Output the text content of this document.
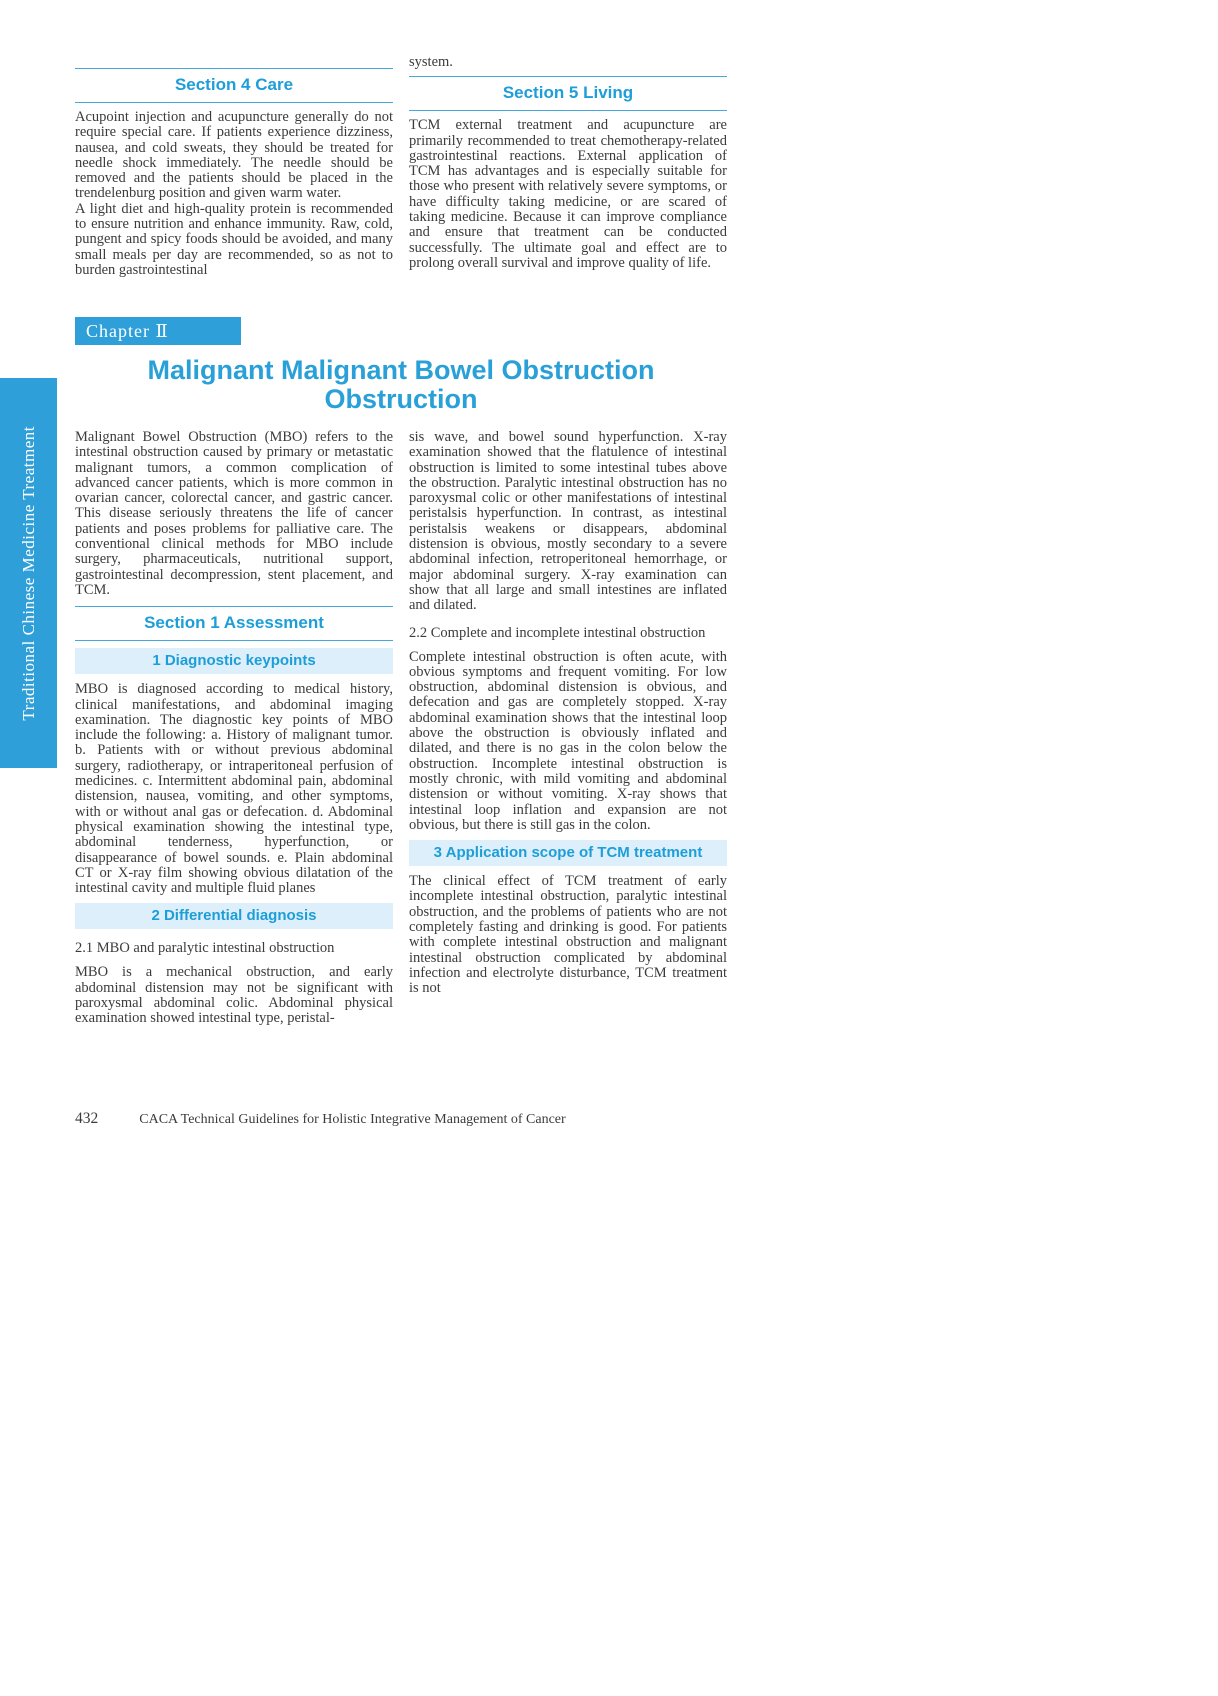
Traditional Chinese Medicine Treatment
Section 4 Care

Acupoint injection and acupuncture generally do not require special care. If patients experience dizziness, nausea, and cold sweats, they should be treated for needle shock immediately. The needle should be removed and the patients should be placed in the trendelenburg position and given warm water.

A light diet and high-quality protein is recommended to ensure nutrition and enhance immunity. Raw, cold, pungent and spicy foods should be avoided, and many small meals per day are recommended, so as not to burden gastrointestinal

system.

Section 5 Living

TCM external treatment and acupuncture are primarily recommended to treat chemotherapy-related gastrointestinal reactions. External application of TCM has advantages and is especially suitable for those who present with relatively severe symptoms, or have difficulty taking medicine, or are scared of taking medicine. Because it can improve compliance and ensure that treatment can be conducted successfully. The ultimate goal and effect are to prolong overall survival and improve quality of life.

Chapter Ⅱ
Malignant Malignant Bowel Obstruction
Obstruction

Malignant Bowel Obstruction (MBO) refers to the intestinal obstruction caused by primary or metastatic malignant tumors, a common complication of advanced cancer patients, which is more common in ovarian cancer, colorectal cancer, and gastric cancer. This disease seriously threatens the life of cancer patients and poses problems for palliative care. The conventional clinical methods for MBO include surgery, pharmaceuticals, nutritional support, gastrointestinal decompression, stent placement, and TCM.

Section 1 Assessment
1 Diagnostic keypoints

MBO is diagnosed according to medical history, clinical manifestations, and abdominal imaging examination. The diagnostic key points of MBO include the following: a. History of malignant tumor. b. Patients with or without previous abdominal surgery, radiotherapy, or intraperitoneal perfusion of medicines. c. Intermittent abdominal pain, abdominal distension, nausea, vomiting, and other symptoms, with or without anal gas or defecation. d. Abdominal physical examination showing the intestinal type, abdominal tenderness, hyperfunction, or disappearance of bowel sounds. e. Plain abdominal CT or X-ray film showing obvious dilatation of the intestinal cavity and multiple fluid planes

2 Differential diagnosis
2.1 MBO and paralytic intestinal obstruction

MBO is a mechanical obstruction, and early abdominal distension may not be significant with paroxysmal abdominal colic. Abdominal physical examination showed intestinal type, peristal-

sis wave, and bowel sound hyperfunction. X-ray examination showed that the flatulence of intestinal obstruction is limited to some intestinal tubes above the obstruction. Paralytic intestinal obstruction has no paroxysmal colic or other manifestations of intestinal peristalsis hyperfunction. In contrast, as intestinal peristalsis weakens or disappears, abdominal distension is obvious, mostly secondary to a severe abdominal infection, retroperitoneal hemorrhage, or major abdominal surgery. X-ray examination can show that all large and small intestines are inflated and dilated.

2.2 Complete and incomplete intestinal obstruction

Complete intestinal obstruction is often acute, with obvious symptoms and frequent vomiting. For low obstruction, abdominal distension is obvious, and defecation and gas are completely stopped. X-ray abdominal examination shows that the intestinal loop above the obstruction is obviously inflated and dilated, and there is no gas in the colon below the obstruction. Incomplete intestinal obstruction is mostly chronic, with mild vomiting and abdominal distension or without vomiting. X-ray shows that intestinal loop inflation and expansion are not obvious, but there is still gas in the colon.

3 Application scope of TCM treatment

The clinical effect of TCM treatment of early incomplete intestinal obstruction, paralytic intestinal obstruction, and the problems of patients who are not completely fasting and drinking is good. For patients with complete intestinal obstruction and malignant intestinal obstruction complicated by abdominal infection and electrolyte disturbance, TCM treatment is not

432	CACA Technical Guidelines for Holistic Integrative Management of Cancer
